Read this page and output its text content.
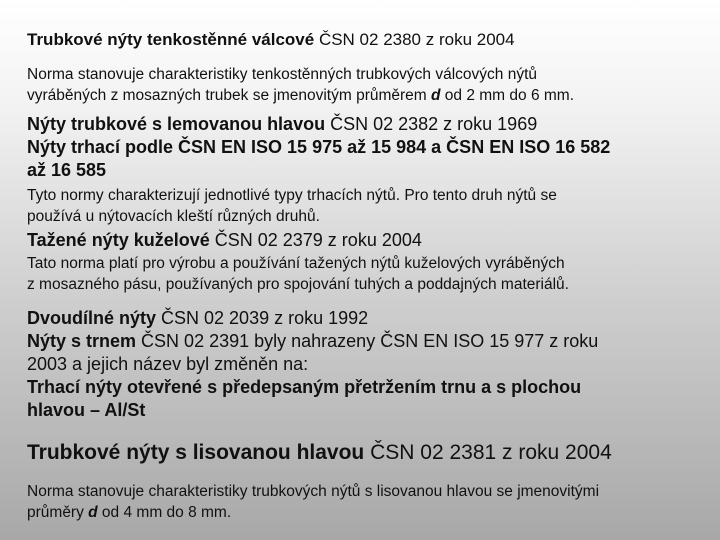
Trubkové nýty tenkostěnné válcové ČSN 02 2380 z roku 2004
Norma stanovuje charakteristiky tenkostěnných trubkových válcových nýtů
vyráběných z mosazných trubek se jmenovitým průměrem d od 2 mm do 6 mm.
Nýty trubkové s lemovanou hlavou ČSN 02 2382 z roku 1969
Nýty trhací podle ČSN EN ISO 15 975 až 15 984 a ČSN EN ISO 16 582
až 16 585
Tyto normy charakterizují jednotlivé typy trhacích nýtů. Pro tento druh nýtů se
používá u nýtovacích kleští různých druhů.
Tažené nýty kuželové ČSN 02 2379 z roku 2004
Tato norma platí pro výrobu a používání tažených nýtů kuželových vyráběných
z mosazného pásu, používaných pro spojování tuhých a poddajných materiálů.
Dvoudílné nýty ČSN 02 2039 z roku 1992
Nýty s trnem ČSN 02 2391 byly nahrazeny ČSN EN ISO 15 977 z roku
2003 a jejich název byl změněn na:
Trhací nýty otevřené s předepsaným přetržením trnu a s plochou
hlavou – Al/St
Trubkové nýty s lisovanou hlavou ČSN 02 2381 z roku 2004
Norma stanovuje charakteristiky trubkových nýtů s lisovanou hlavou se jmenovitými
průměry d od 4 mm do 8 mm.
